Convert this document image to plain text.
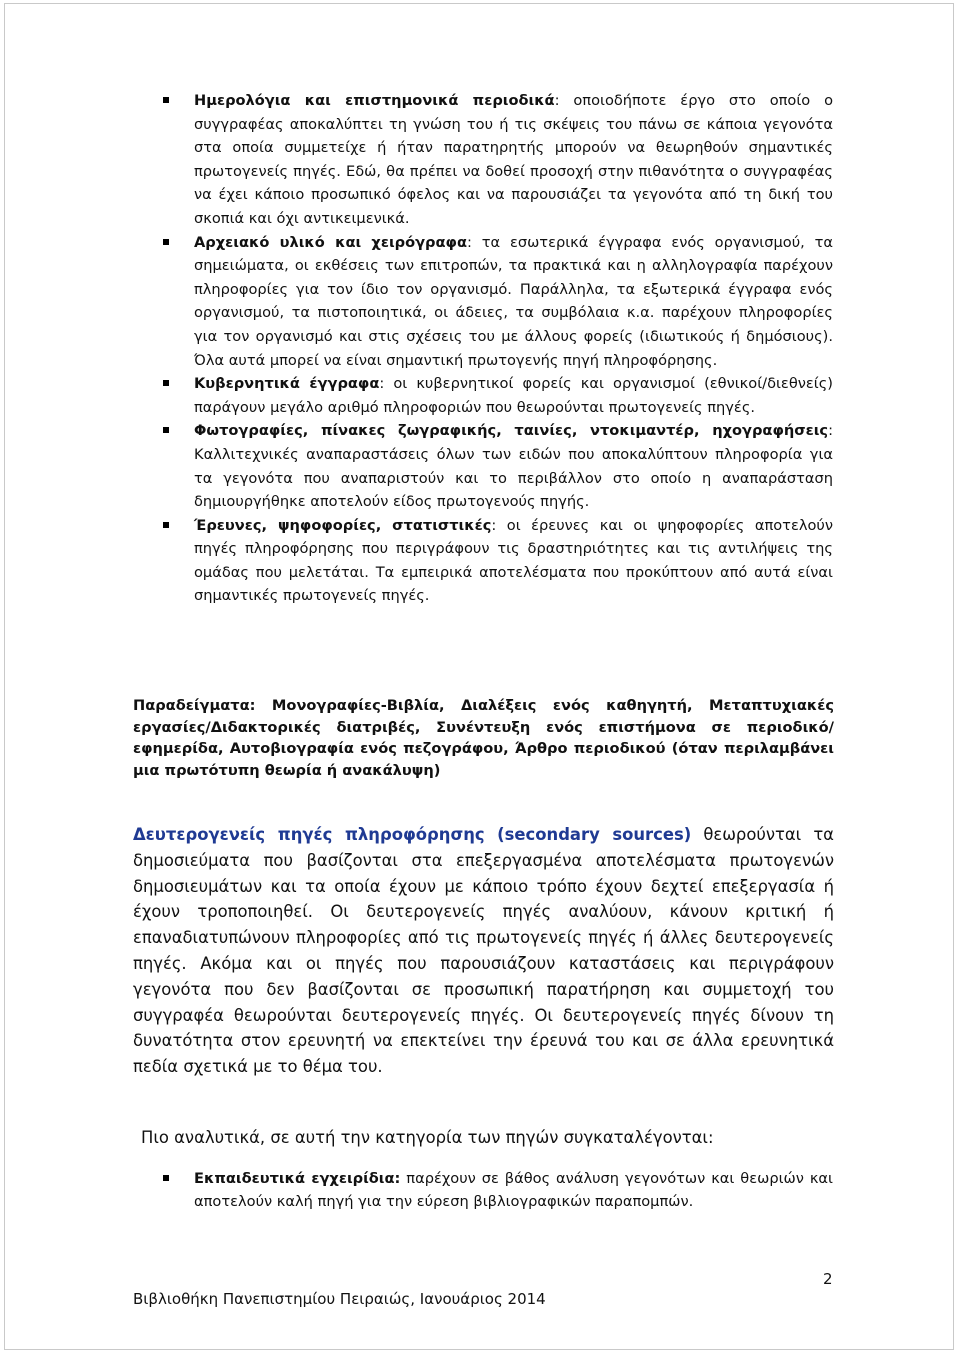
Ημερολόγια και επιστημονικά περιοδικά: οποιοδήποτε έργο στο οποίο ο συγγραφέας αποκαλύπτει τη γνώση του ή τις σκέψεις του πάνω σε κάποια γεγονότα στα οποία συμμετείχε ή ήταν παρατηρητής μπορούν να θεωρηθούν σημαντικές πρωτογενείς πηγές. Εδώ, θα πρέπει να δοθεί προσοχή στην πιθανότητα ο συγγραφέας να έχει κάποιο προσωπικό όφελος και να παρουσιάζει τα γεγονότα από τη δική του σκοπιά και όχι αντικειμενικά.
Αρχειακό υλικό και χειρόγραφα: τα εσωτερικά έγγραφα ενός οργανισμού, τα σημειώματα, οι εκθέσεις των επιτροπών, τα πρακτικά και η αλληλογραφία παρέχουν πληροφορίες για τον ίδιο τον οργανισμό. Παράλληλα, τα εξωτερικά έγγραφα ενός οργανισμού, τα πιστοποιητικά, οι άδειες, τα συμβόλαια κ.α. παρέχουν πληροφορίες για τον οργανισμό και στις σχέσεις του με άλλους φορείς (ιδιωτικούς ή δημόσιους). Όλα αυτά μπορεί να είναι σημαντική πρωτογενής πηγή πληροφόρησης.
Κυβερνητικά έγγραφα: οι κυβερνητικοί φορείς και οργανισμοί (εθνικοί/διεθνείς) παράγουν μεγάλο αριθμό πληροφοριών που θεωρούνται πρωτογενείς πηγές.
Φωτογραφίες, πίνακες ζωγραφικής, ταινίες, ντοκιμαντέρ, ηχογραφήσεις: Καλλιτεχνικές αναπαραστάσεις όλων των ειδών που αποκαλύπτουν πληροφορία για τα γεγονότα που αναπαριστούν και το περιβάλλον στο οποίο η αναπαράσταση δημιουργήθηκε αποτελούν είδος πρωτογενούς πηγής.
Έρευνες, ψηφοφορίες, στατιστικές: οι έρευνες και οι ψηφοφορίες αποτελούν πηγές πληροφόρησης που περιγράφουν τις δραστηριότητες και τις αντιλήψεις της ομάδας που μελετάται. Τα εμπειρικά αποτελέσματα που προκύπτουν από αυτά είναι σημαντικές πρωτογενείς πηγές.

Παραδείγματα: Μονογραφίες-Βιβλία, Διαλέξεις ενός καθηγητή, Μεταπτυχιακές εργασίες/Διδακτορικές διατριβές, Συνέντευξη ενός επιστήμονα σε περιοδικό/εφημερίδα, Αυτοβιογραφία ενός πεζογράφου, Άρθρο περιοδικού (όταν περιλαμβάνει μια πρωτότυπη θεωρία ή ανακάλυψη)

Δευτερογενείς πηγές πληροφόρησης (secondary sources) θεωρούνται τα δημοσιεύματα που βασίζονται στα επεξεργασμένα αποτελέσματα πρωτογενών δημοσιευμάτων και τα οποία έχουν με κάποιο τρόπο έχουν δεχτεί επεξεργασία ή έχουν τροποποιηθεί. Οι δευτερογενείς πηγές αναλύουν, κάνουν κριτική ή επαναδιατυπώνουν πληροφορίες από τις πρωτογενείς πηγές ή άλλες δευτερογενείς πηγές. Ακόμα και οι πηγές που παρουσιάζουν καταστάσεις και περιγράφουν γεγονότα που δεν βασίζονται σε προσωπική παρατήρηση και συμμετοχή του συγγραφέα θεωρούνται δευτερογενείς πηγές. Οι δευτερογενείς πηγές δίνουν τη δυνατότητα στον ερευνητή να επεκτείνει την έρευνά του και σε άλλα ερευνητικά πεδία σχετικά με το θέμα του.

Πιο αναλυτικά, σε αυτή την κατηγορία των πηγών συγκαταλέγονται:

Εκπαιδευτικά εγχειρίδια: παρέχουν σε βάθος ανάλυση γεγονότων και θεωριών και αποτελούν καλή πηγή για την εύρεση βιβλιογραφικών παραπομπών.

2

Βιβλιοθήκη Πανεπιστημίου Πειραιώς, Ιανουάριος 2014
